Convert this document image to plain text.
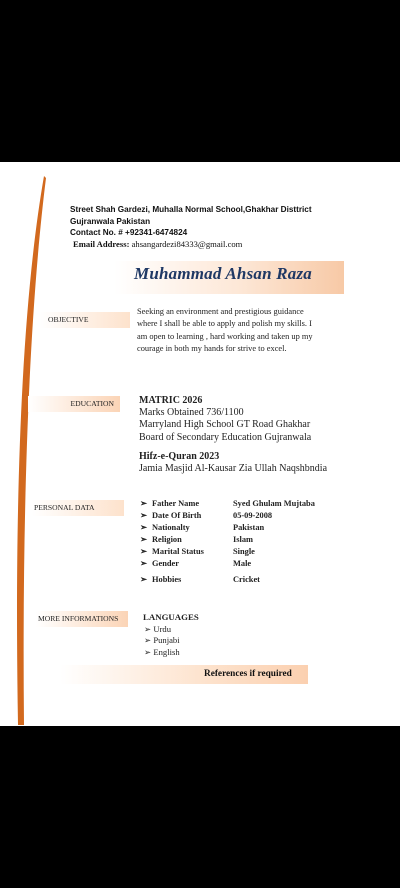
Street Shah Gardezi, Muhalla Normal School,Ghakhar Disttrict
Gujranwala Pakistan
Contact No. # +92341-6474824
Email Address: ahsangardezi84333@gmail.com
Muhammad Ahsan Raza
OBJECTIVE
Seeking an environment and prestigious guidance
where I shall be able to apply and polish my skills. I
am open to learning , hard working and taken up my
courage in both my hands for strive to excel.
EDUCATION	MATRIC 2026
Marks Obtained 736/1100
Marryland High School GT Road Ghakhar
Board of Secondary Education Gujranwala
Hifz-e-Quran 2023
Jamia Masjid Al-Kausar Zia Ullah Naqshbndia
PERSONAL DATA	➢ Father Name	Syed Ghulam Mujtaba
➢ Date Of Birth	05-09-2008
➢ Nationalty	Pakistan
➢ Religion	Islam
➢ Marital Status	Single
➢ Gender	Male
➢ Hobbies	Cricket
MORE INFORMATIONS	LANGUAGES
➢ Urdu
➢ Punjabi
➢ English
References if required
